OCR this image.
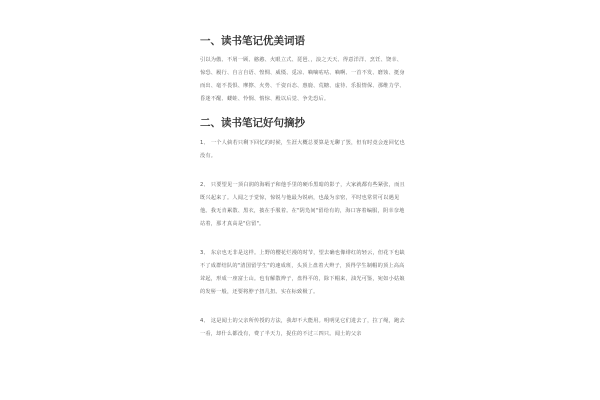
一、读书笔记优美词语

引以为傲、不屑一顾、憨憨、火眼立式、琵琶、，浪之天天、得意洋洋、烹饪、饶幸、惊恐、履行、自言自语、惶惆、威慑、觅凉、嘀嘀咕咕、嘀啊、一首不发、磨蚀、挺身而出、毫不畏惧、摩擦、火势、千姿百态、惠鹿、荒糖、虚待、乐报情保、那维力学、昏迷不醒、蝼蛙、怜悯、惰惊、殿以后觉、争先恐后。

二、读书笔记好句摘抄

1、 一个人倘若只剩下回忆的时候，生涯大概总要算是无聊了罢，但有时竟会连回忆也没有。

2、 只要望见一顶白润的海嗝子和他手里的硬币黑暗的影子，大家就都有些紧张，而且既兴起来了。人闻之于觉惊，惊锐与他最为锐病，也最为亲密，平时也常常可以遇见他。我无肯累散、黑衣，披在手服着。在"阴凫间"留给有的，海口客着编服，阴幸奈地站着，那才真高是"信留"。

3、 东京也无非是这样。上野的樱花烂漫的时节，望去确也像绯红的轻云，但花下也缺不了成群结队的"清国留学生"的速成班，头顶上盘着大辫子，顶得学生制帽的顶上高高耸起，形成一座富士山。也有解散辫子，盘得平的，除下帽来，油光可鉴，宛如小姑娘的发髻一般，还要将脖子扭几扭。实在标致极了。

4、 这是闻土的父亲所传授的方法，我却不大能用。明明见它们进去了，拉了绳，跑去一看，却什么都没有，费了半天力，捉住的不过三四只。闻土的父亲
